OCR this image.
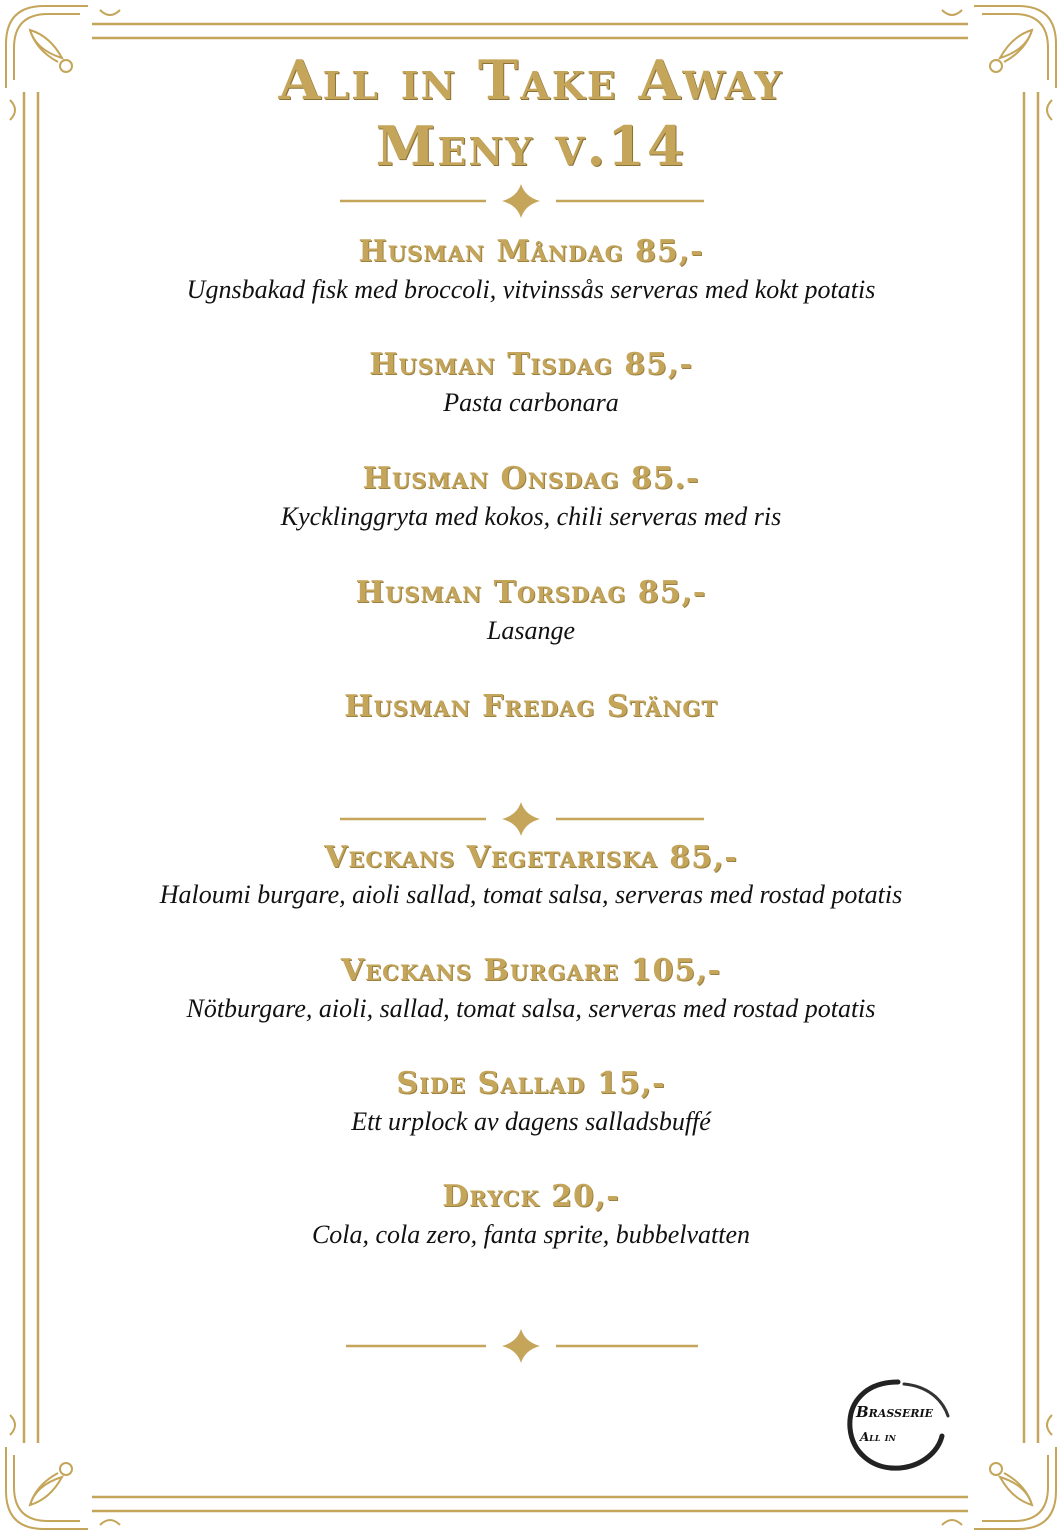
All in Take Away
Meny v.14
Husman Måndag 85,-
Ugnsbakad fisk med broccoli, vitvinssås serveras med kokt potatis
Husman Tisdag 85,-
Pasta carbonara
Husman Onsdag 85.-
Kycklinggryta med kokos, chili serveras med ris
Husman Torsdag 85,-
Lasange
Husman Fredag Stängt
Veckans Vegetariska 85,-
Haloumi burgare, aioli sallad, tomat salsa, serveras med rostad potatis
Veckans Burgare 105,-
Nötburgare, aioli, sallad, tomat salsa, serveras med rostad potatis
Side Sallad 15,-
Ett urplock av dagens salladsbuffé
Dryck 20,-
Cola, cola zero, fanta sprite, bubbelvatten
Brasserie
All in
